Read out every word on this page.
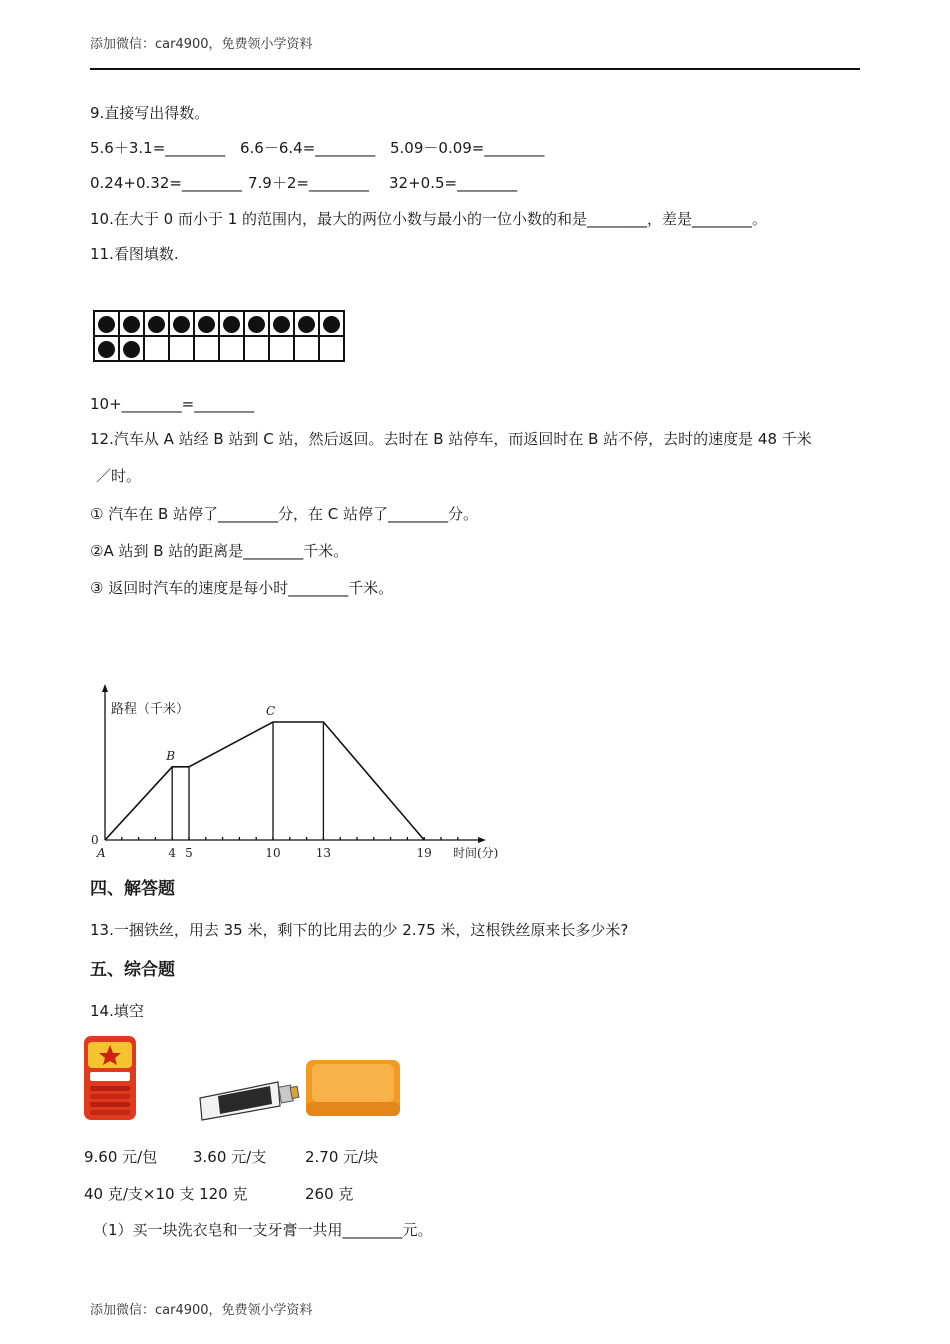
添加微信：car4900，免费领小学资料
9.直接写出得数。
5.6＋3.1=________ 6.6－6.4=________ 5.09－0.09=________
0.24+0.32=________ 7.9＋2=________ 32+0.5=________
10.在大于 0 而小于 1 的范围内，最大的两位小数与最小的一位小数的和是________，差是________。
11.看图填数.

10+________=________
12.汽车从 A 站经 B 站到 C 站，然后返回。去时在 B 站停车，而返回时在 B 站不停，去时的速度是 48 千米
／时。
① 汽车在 B 站停了________分，在 C 站停了________分。
②A 站到 B 站的距离是________千米。
③ 返回时汽车的速度是每小时________千米。
4 5	10	13	19
0
A
B
C
路程（千米）
时间(分)
四、解答题
13.一捆铁丝，用去 35 米，剩下的比用去的少 2.75 米，这根铁丝原来长多少米?
五、综合题
14.填空
9.60 元/包 3.60 元/支	2.70 元/块
40 克/支×10 支 120 克	260 克
（1）买一块洗衣皂和一支牙膏一共用________元。
添加微信：car4900，免费领小学资料
